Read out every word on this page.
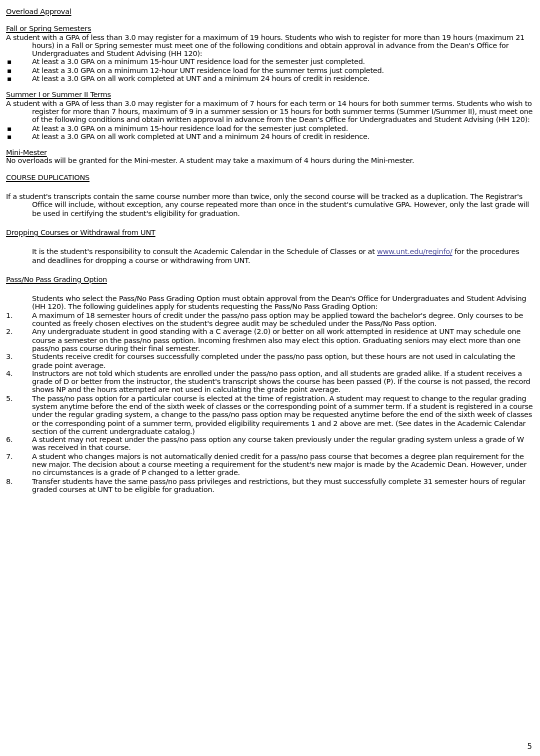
Overload Approval

Fall or Spring Semesters

A student with a GPA of less than 3.0 may register for a maximum of 19 hours. Students who wish to register for more than 19 hours (maximum 21 hours) in a Fall or Spring semester must meet one of the following conditions and obtain approval in advance from the Dean's Office for Undergraduates and Student Advising (HH 120):

▪	At least a 3.0 GPA on a minimum 15-hour UNT residence load for the semester just completed.

▪	At least a 3.0 GPA on a minimum 12-hour UNT residence load for the summer terms just completed.

▪	At least a 3.0 GPA on all work completed at UNT and a minimum 24 hours of credit in residence.

Summer I or Summer II Terms

A student with a GPA of less than 3.0 may register for a maximum of 7 hours for each term or 14 hours for both summer terms. Students who wish to register for more than 7 hours, maximum of 9 in a summer session or 15 hours for both summer terms (Summer I/Summer II), must meet one of the following conditions and obtain written approval in advance from the Dean's Office for Undergraduates and Student Advising (HH 120):

▪	At least a 3.0 GPA on a minimum 15-hour residence load for the semester just completed.

▪	At least a 3.0 GPA on all work completed at UNT and a minimum 24 hours of credit in residence.

Mini-Mester

No overloads will be granted for the Mini-mester. A student may take a maximum of 4 hours during the Mini-mester.

COURSE DUPLICATIONS

If a student's transcripts contain the same course number more than twice, only the second course will be tracked as a duplication. The Registrar's Office will include, without exception, any course repeated more than once in the student's cumulative GPA. However, only the last grade will be used in certifying the student's eligibility for graduation.

Dropping Courses or Withdrawal from UNT

It is the student's responsibility to consult the Academic Calendar in the Schedule of Classes or at www.unt.edu/reginfo/ for the procedures and deadlines for dropping a course or withdrawing from UNT.

Pass/No Pass Grading Option

Students who select the Pass/No Pass Grading Option must obtain approval from the Dean's Office for Undergraduates and Student Advising (HH 120). The following guidelines apply for students requesting the Pass/No Pass Grading Option:

1.	A maximum of 18 semester hours of credit under the pass/no pass option may be applied toward the bachelor's degree. Only courses to be counted as freely chosen electives on the student's degree audit may be scheduled under the Pass/No Pass option.

2.	Any undergraduate student in good standing with a C average (2.0) or better on all work attempted in residence at UNT may schedule one course a semester on the pass/no pass option. Incoming freshmen also may elect this option. Graduating seniors may elect more than one pass/no pass course during their final semester.

3.	Students receive credit for courses successfully completed under the pass/no pass option, but these hours are not used in calculating the grade point average.

4.	Instructors are not told which students are enrolled under the pass/no pass option, and all students are graded alike. If a student receives a grade of D or better from the instructor, the student's transcript shows the course has been passed (P). If the course is not passed, the record shows NP and the hours attempted are not used in calculating the grade point average.

5.	The pass/no pass option for a particular course is elected at the time of registration. A student may request to change to the regular grading system anytime before the end of the sixth week of classes or the corresponding point of a summer term. If a student is registered in a course under the regular grading system, a change to the pass/no pass option may be requested anytime before the end of the sixth week of classes or the corresponding point of a summer term, provided eligibility requirements 1 and 2 above are met. (See dates in the Academic Calendar section of the current undergraduate catalog.)

6.	A student may not repeat under the pass/no pass option any course taken previously under the regular grading system unless a grade of W was received in that course.

7.	A student who changes majors is not automatically denied credit for a pass/no pass course that becomes a degree plan requirement for the new major. The decision about a course meeting a requirement for the student's new major is made by the Academic Dean. However, under no circumstances is a grade of P changed to a letter grade.

8.	Transfer students have the same pass/no pass privileges and restrictions, but they must successfully complete 31 semester hours of regular graded courses at UNT to be eligible for graduation.

5
